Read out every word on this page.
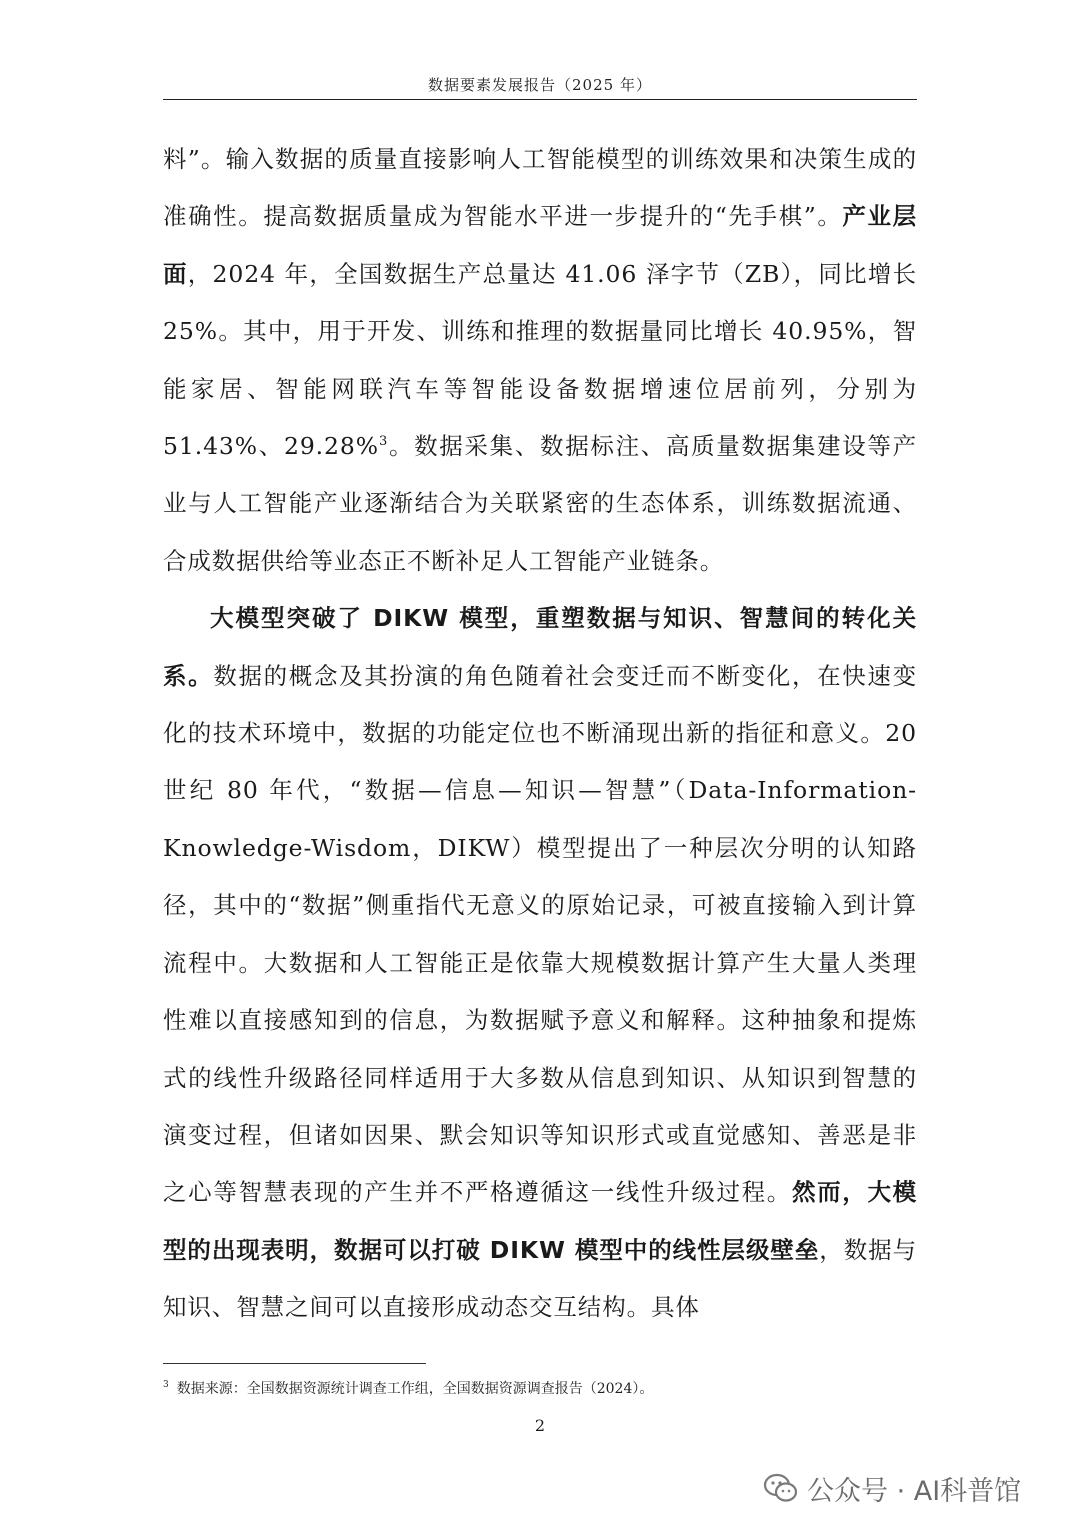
数据要素发展报告（2025 年）

料”。输入数据的质量直接影响人工智能模型的训练效果和决策生成的准确性。提高数据质量成为智能水平进一步提升的“先手棋”。产业层面，2024 年，全国数据生产总量达 41.06 泽字节（ZB），同比增长 25%。其中，用于开发、训练和推理的数据量同比增长 40.95%，智能家居、智能网联汽车等智能设备数据增速位居前列，分别为 51.43%、29.28%$^3$。数据采集、数据标注、高质量数据集建设等产业与人工智能产业逐渐结合为关联紧密的生态体系，训练数据流通、合成数据供给等业态正不断补足人工智能产业链条。

大模型突破了 DIKW 模型，重塑数据与知识、智慧间的转化关系。数据的概念及其扮演的角色随着社会变迁而不断变化，在快速变化的技术环境中，数据的功能定位也不断涌现出新的指征和意义。20 世纪 80 年代，“数据—信息—知识—智慧”（Data-Information-Knowledge-Wisdom，DIKW）模型提出了一种层次分明的认知路径，其中的“数据”侧重指代无意义的原始记录，可被直接输入到计算流程中。大数据和人工智能正是依靠大规模数据计算产生大量人类理性难以直接感知到的信息，为数据赋予意义和解释。这种抽象和提炼式的线性升级路径同样适用于大多数从信息到知识、从知识到智慧的演变过程，但诸如因果、默会知识等知识形式或直觉感知、善恶是非之心等智慧表现的产生并不严格遵循这一线性升级过程。然而，大模型的出现表明，数据可以打破 DIKW 模型中的线性层级壁垒，数据与知识、智慧之间可以直接形成动态交互结构。具体

$^3$ 数据来源：全国数据资源统计调查工作组，全国数据资源调查报告（2024）。
2
公众号 · AI科普馆
